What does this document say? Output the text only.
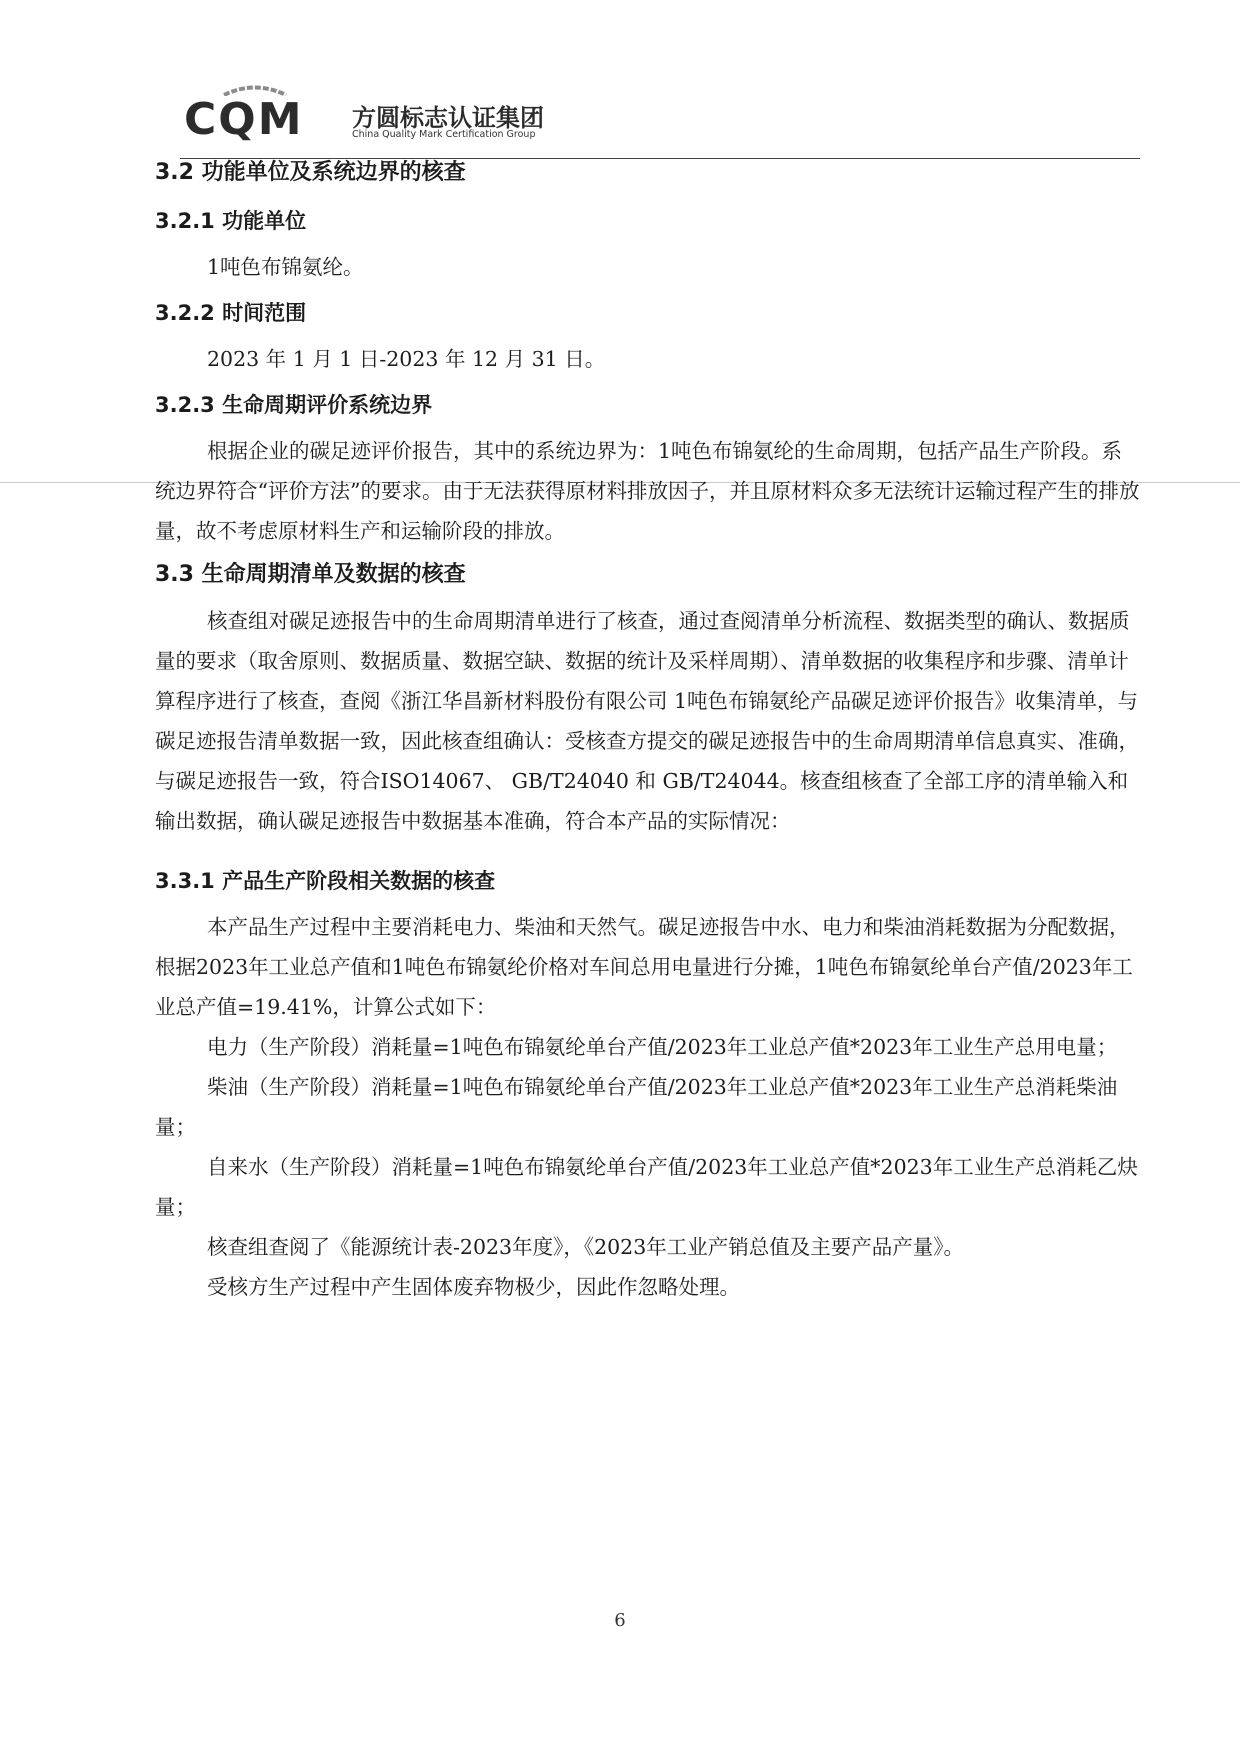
CQM 方圆标志认证集团
China Quality Mark Certification Group
3.2 功能单位及系统边界的核查
3.2.1 功能单位

1吨色布锦氨纶。

3.2.2 时间范围

2023 年 1 月 1 日-2023 年 12 月 31 日。

3.2.3 生命周期评价系统边界

根据企业的碳足迹评价报告，其中的系统边界为：1吨色布锦氨纶的生命周期，包括产品生产阶段。系统边界符合“评价方法”的要求。由于无法获得原材料排放因子，并且原材料众多无法统计运输过程产生的排放量，故不考虑原材料生产和运输阶段的排放。

3.3 生命周期清单及数据的核查

核查组对碳足迹报告中的生命周期清单进行了核查，通过查阅清单分析流程、数据类型的确认、数据质量的要求（取舍原则、数据质量、数据空缺、数据的统计及采样周期）、清单数据的收集程序和步骤、清单计算程序进行了核查，查阅《浙江华昌新材料股份有限公司 1吨色布锦氨纶产品碳足迹评价报告》收集清单，与碳足迹报告清单数据一致，因此核查组确认：受核查方提交的碳足迹报告中的生命周期清单信息真实、准确，与碳足迹报告一致，符合ISO14067、 GB/T24040 和 GB/T24044。核查组核查了全部工序的清单输入和输出数据，确认碳足迹报告中数据基本准确，符合本产品的实际情况：

3.3.1 产品生产阶段相关数据的核查

本产品生产过程中主要消耗电力、柴油和天然气。碳足迹报告中水、电力和柴油消耗数据为分配数据，根据2023年工业总产值和1吨色布锦氨纶价格对车间总用电量进行分摊，1吨色布锦氨纶单台产值/2023年工业总产值=19.41%，计算公式如下：

电力（生产阶段）消耗量=1吨色布锦氨纶单台产值/2023年工业总产值*2023年工业生产总用电量；

柴油（生产阶段）消耗量=1吨色布锦氨纶单台产值/2023年工业总产值*2023年工业生产总消耗柴油量；

自来水（生产阶段）消耗量=1吨色布锦氨纶单台产值/2023年工业总产值*2023年工业生产总消耗乙炔量；

核查组查阅了《能源统计表-2023年度》，《2023年工业产销总值及主要产品产量》。

受核方生产过程中产生固体废弃物极少，因此作忽略处理。

6
